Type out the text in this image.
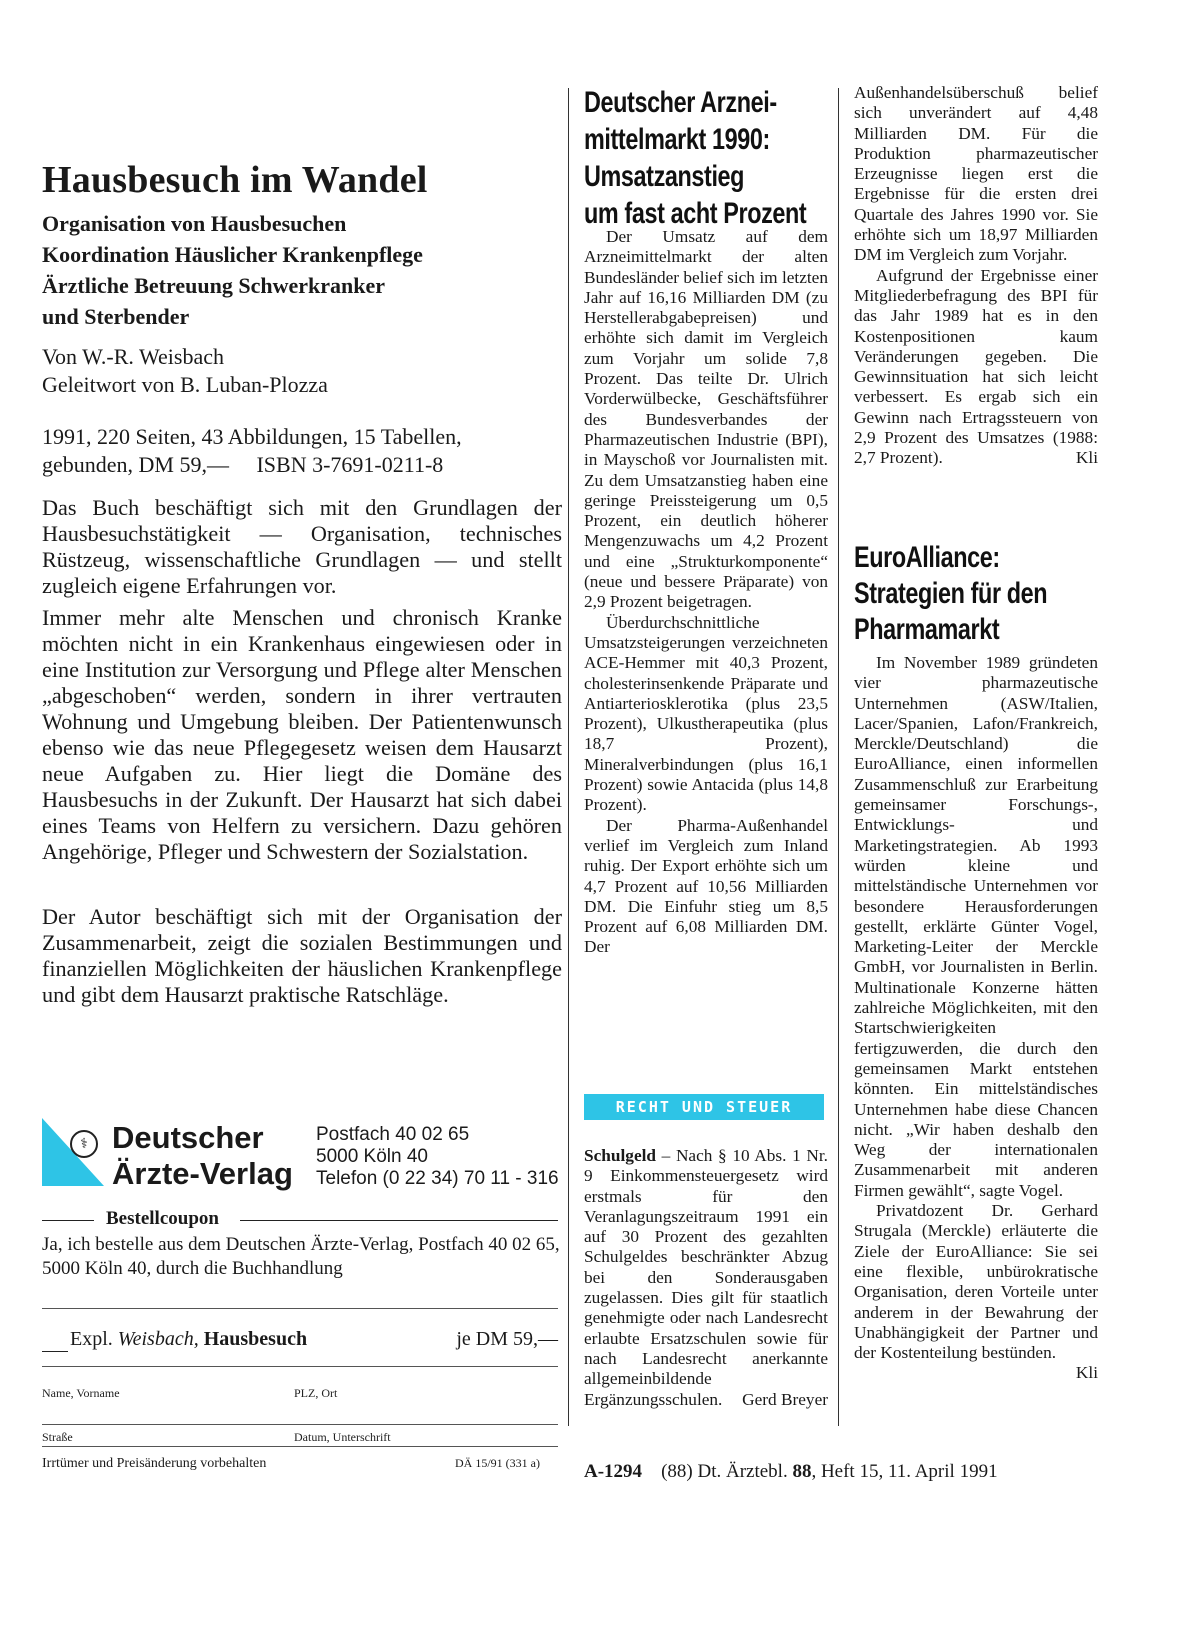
Hausbesuch im Wandel
Organisation von Hausbesuchen
Koordination Häuslicher Krankenpflege
Ärztliche Betreuung Schwerkranker
und Sterbender
Von W.-R. Weisbach
Geleitwort von B. Luban-Plozza
1991, 220 Seiten, 43 Abbildungen, 15 Tabellen,
gebunden, DM 59,—     ISBN 3-7691-0211-8
Das Buch beschäftigt sich mit den Grundlagen der Hausbesuchstätigkeit — Organisation, technisches Rüstzeug, wissenschaftliche Grundlagen — und stellt zugleich eigene Erfahrungen vor.
Immer mehr alte Menschen und chronisch Kranke möchten nicht in ein Krankenhaus eingewiesen oder in eine Institution zur Versorgung und Pflege alter Menschen „abgeschoben“ werden, sondern in ihrer vertrauten Wohnung und Umgebung bleiben. Der Patientenwunsch ebenso wie das neue Pflegegesetz weisen dem Hausarzt neue Aufgaben zu. Hier liegt die Domäne des Hausbesuchs in der Zukunft. Der Hausarzt hat sich dabei eines Teams von Helfern zu versichern. Dazu gehören Angehörige, Pfleger und Schwestern der Sozialstation.
Der Autor beschäftigt sich mit der Organisation der Zusammenarbeit, zeigt die sozialen Bestimmungen und finanziellen Möglichkeiten der häuslichen Krankenpflege und gibt dem Hausarzt praktische Ratschläge.
⚕ Deutscher
Ärzte-Verlag
Postfach 40 02 65
5000 Köln 40
Telefon (0 22 34) 70 11 - 316
Bestellcoupon
Ja, ich bestelle aus dem Deutschen Ärzte-Verlag, Postfach 40 02 65, 5000 Köln 40, durch die Buchhandlung
Expl. Weisbach, Hausbesuch	je DM 59,—
Name, Vorname	PLZ, Ort
Straße	Datum, Unterschrift
Irrtümer und Preisänderung vorbehalten	DÄ 15/91 (331 a)
Deutscher Arznei-
mittelmarkt 1990:
Umsatzanstieg
um fast acht Prozent

Der Umsatz auf dem Arzneimittelmarkt der alten Bundesländer belief sich im letzten Jahr auf 16,16 Milliarden DM (zu Herstellerabgabepreisen) und erhöhte sich damit im Vergleich zum Vorjahr um solide 7,8 Prozent. Das teilte Dr. Ulrich Vorderwülbecke, Geschäftsführer des Bundesverbandes der Pharmazeutischen Industrie (BPI), in Mayschoß vor Journalisten mit. Zu dem Umsatzanstieg haben eine geringe Preissteigerung um 0,5 Prozent, ein deutlich höherer Mengenzuwachs um 4,2 Prozent und eine „Strukturkomponente“ (neue und bessere Präparate) von 2,9 Prozent beigetragen.

Überdurchschnittliche Umsatzsteigerungen verzeichneten ACE-Hemmer mit 40,3 Prozent, cholesterinsenkende Präparate und Antiarteriosklerotika (plus 23,5 Prozent), Ulkustherapeutika (plus 18,7 Prozent), Mineralverbindungen (plus 16,1 Prozent) sowie Antacida (plus 14,8 Prozent).

Der Pharma-Außenhandel verlief im Vergleich zum Inland ruhig. Der Export erhöhte sich um 4,7 Prozent auf 10,56 Milliarden DM. Die Einfuhr stieg um 8,5 Prozent auf 6,08 Milliarden DM. Der

RECHT UND STEUER

Schulgeld – Nach § 10 Abs. 1 Nr. 9 Einkommensteuergesetz wird erstmals für den Veranlagungszeitraum 1991 ein auf 30 Prozent des gezahlten Schulgeldes beschränkter Abzug bei den Sonderausgaben zugelassen. Dies gilt für staatlich genehmigte oder nach Landesrecht erlaubte Ersatzschulen sowie für nach Landesrecht anerkannte allgemeinbildende Ergänzungsschulen. Gerd Breyer

Außenhandelsüberschuß belief sich unverändert auf 4,48 Milliarden DM. Für die Produktion pharmazeutischer Erzeugnisse liegen erst die Ergebnisse für die ersten drei Quartale des Jahres 1990 vor. Sie erhöhte sich um 18,97 Milliarden DM im Vergleich zum Vorjahr.

Aufgrund der Ergebnisse einer Mitgliederbefragung des BPI für das Jahr 1989 hat es in den Kostenpositionen kaum Veränderungen gegeben. Die Gewinnsituation hat sich leicht verbessert. Es ergab sich ein Gewinn nach Ertragssteuern von 2,9 Prozent des Umsatzes (1988: 2,7 Prozent).	Kli

EuroAlliance:
Strategien für den
Pharmamarkt

Im November 1989 gründeten vier pharmazeutische Unternehmen (ASW/Italien, Lacer/Spanien, Lafon/Frankreich, Merckle/Deutschland) die EuroAlliance, einen informellen Zusammenschluß zur Erarbeitung gemeinsamer Forschungs-, Entwicklungs- und Marketingstrategien. Ab 1993 würden kleine und mittelständische Unternehmen vor besondere Herausforderungen gestellt, erklärte Günter Vogel, Marketing-Leiter der Merckle GmbH, vor Journalisten in Berlin. Multinationale Konzerne hätten zahlreiche Möglichkeiten, mit den Startschwierigkeiten fertigzuwerden, die durch den gemeinsamen Markt entstehen könnten. Ein mittelständisches Unternehmen habe diese Chancen nicht. „Wir haben deshalb den Weg der internationalen Zusammenarbeit mit anderen Firmen gewählt“, sagte Vogel.

Privatdozent Dr. Gerhard Strugala (Merckle) erläuterte die Ziele der EuroAlliance: Sie sei eine flexible, unbürokratische Organisation, deren Vorteile unter anderem in der Bewahrung der Unabhängigkeit der Partner und der Kostenteilung bestünden.
Kli

A-1294 (88) Dt. Ärztebl. 88, Heft 15, 11. April 1991
